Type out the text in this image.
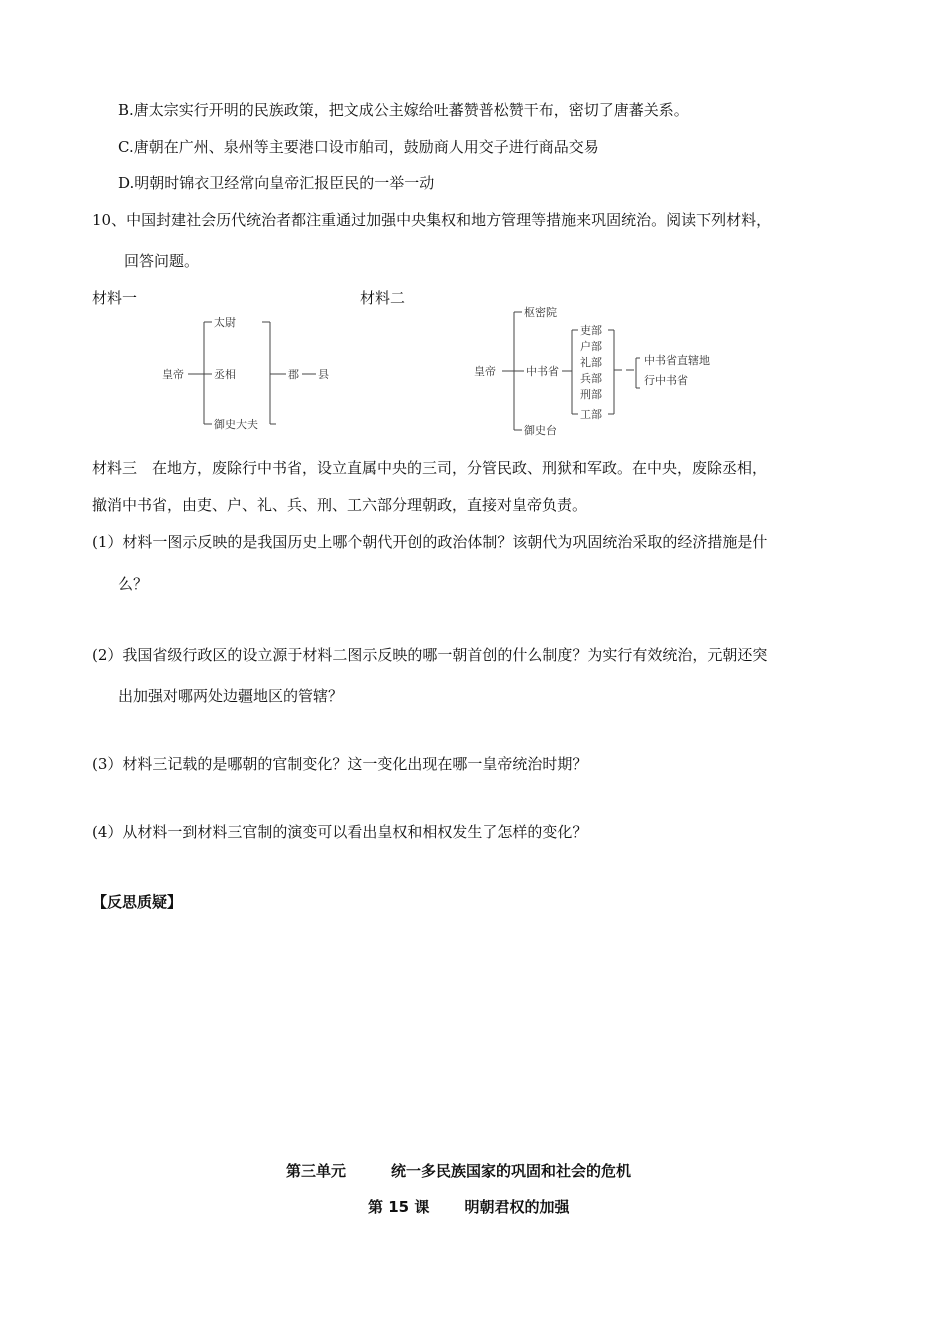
B.唐太宗实行开明的民族政策，把文成公主嫁给吐蕃赞普松赞干布，密切了唐蕃关系。
C.唐朝在广州、泉州等主要港口设市舶司，鼓励商人用交子进行商品交易
D.明朝时锦衣卫经常向皇帝汇报臣民的一举一动
10、中国封建社会历代统治者都注重通过加强中央集权和地方管理等措施来巩固统治。阅读下列材料，
回答问题。
材料一	材料二
皇帝
太尉
丞相
御史大夫
郡 县	皇帝
枢密院
中书省
御史台
吏部
户部
礼部
兵部
刑部
工部
中书省直辖地
行中书省
材料三　在地方，废除行中书省，设立直属中央的三司，分管民政、刑狱和军政。在中央，废除丞相，
撤消中书省，由吏、户、礼、兵、刑、工六部分理朝政，直接对皇帝负责。
(1）材料一图示反映的是我国历史上哪个朝代开创的政治体制？该朝代为巩固统治采取的经济措施是什
么？
(2）我国省级行政区的设立源于材料二图示反映的哪一朝首创的什么制度？为实行有效统治，元朝还突
出加强对哪两处边疆地区的管辖？
(3）材料三记载的是哪朝的官制变化？这一变化出现在哪一皇帝统治时期？
(4）从材料一到材料三官制的演变可以看出皇权和相权发生了怎样的变化？
【反思质疑】
第三单元　　　统一多民族国家的巩固和社会的危机
第 15 课　　 明朝君权的加强
